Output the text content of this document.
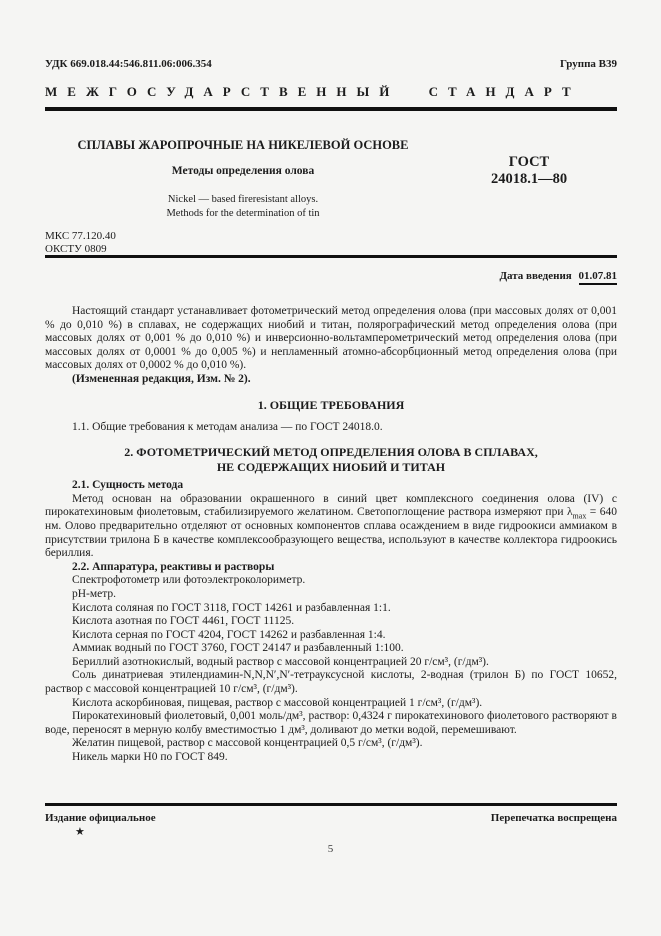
УДК 669.018.44:546.811.06:006.354	Группа В39
МЕЖГОСУДАРСТВЕННЫЙ СТАНДАРТ
СПЛАВЫ ЖАРОПРОЧНЫЕ НА НИКЕЛЕВОЙ ОСНОВЕ
Методы определения олова
Nickel — based fireresistant alloys.
Methods for the determination of tin
ГОСТ
24018.1—80
МКС 77.120.40
ОКСТУ 0809
Дата введения 01.07.81

Настоящий стандарт устанавливает фотометрический метод определения олова (при массовых долях от 0,001 % до 0,010 %) в сплавах, не содержащих ниобий и титан, полярографический метод определения олова (при массовых долях от 0,001 % до 0,010 %) и инверсионно-вольтамперометрический метод определения олова (при массовых долях от 0,0001 % до 0,005 %) и непламенный атомно-абсорбционный метод определения олова (при массовых долях от 0,0002 % до 0,010 %).

(Измененная редакция, Изм. № 2).

1. ОБЩИЕ ТРЕБОВАНИЯ

1.1. Общие требования к методам анализа — по ГОСТ 24018.0.

2. ФОТОМЕТРИЧЕСКИЙ МЕТОД ОПРЕДЕЛЕНИЯ ОЛОВА В СПЛАВАХ,
НЕ СОДЕРЖАЩИХ НИОБИЙ И ТИТАН

2.1. Сущность метода

Метод основан на образовании окрашенного в синий цвет комплексного соединения олова (IV) с пирокатехиновым фиолетовым, стабилизируемого желатином. Светопоглощение раствора измеряют при $\lambda_{max} = 640$ нм. Олово предварительно отделяют от основных компонентов сплава осаждением в виде гидроокиси аммиаком в присутствии трилона Б в качестве комплексообразующего вещества, используют в качестве коллектора гидроокись бериллия.

2.2. Аппаратура, реактивы и растворы

Спектрофотометр или фотоэлектроколориметр.

pH-метр.

Кислота соляная по ГОСТ 3118, ГОСТ 14261 и разбавленная 1:1.

Кислота азотная по ГОСТ 4461, ГОСТ 11125.

Кислота серная по ГОСТ 4204, ГОСТ 14262 и разбавленная 1:4.

Аммиак водный по ГОСТ 3760, ГОСТ 24147 и разбавленный 1:100.

Бериллий азотнокислый, водный раствор с массовой концентрацией 20 г/см³, (г/дм³).

Соль динатриевая этилендиамин-N,N,N′,N′-тетрауксусной кислоты, 2-водная (трилон Б) по ГОСТ 10652, раствор с массовой концентрацией 10 г/см³, (г/дм³).

Кислота аскорбиновая, пищевая, раствор с массовой концентрацией 1 г/см³, (г/дм³).

Пирокатехиновый фиолетовый, 0,001 моль/дм³, раствор: 0,4324 г пирокатехинового фиолетового растворяют в воде, переносят в мерную колбу вместимостью 1 дм³, доливают до метки водой, перемешивают.

Желатин пищевой, раствор с массовой концентрацией 0,5 г/см³, (г/дм³).

Никель марки Н0 по ГОСТ 849.

Издание официальное	Перепечатка воспрещена
★
5
